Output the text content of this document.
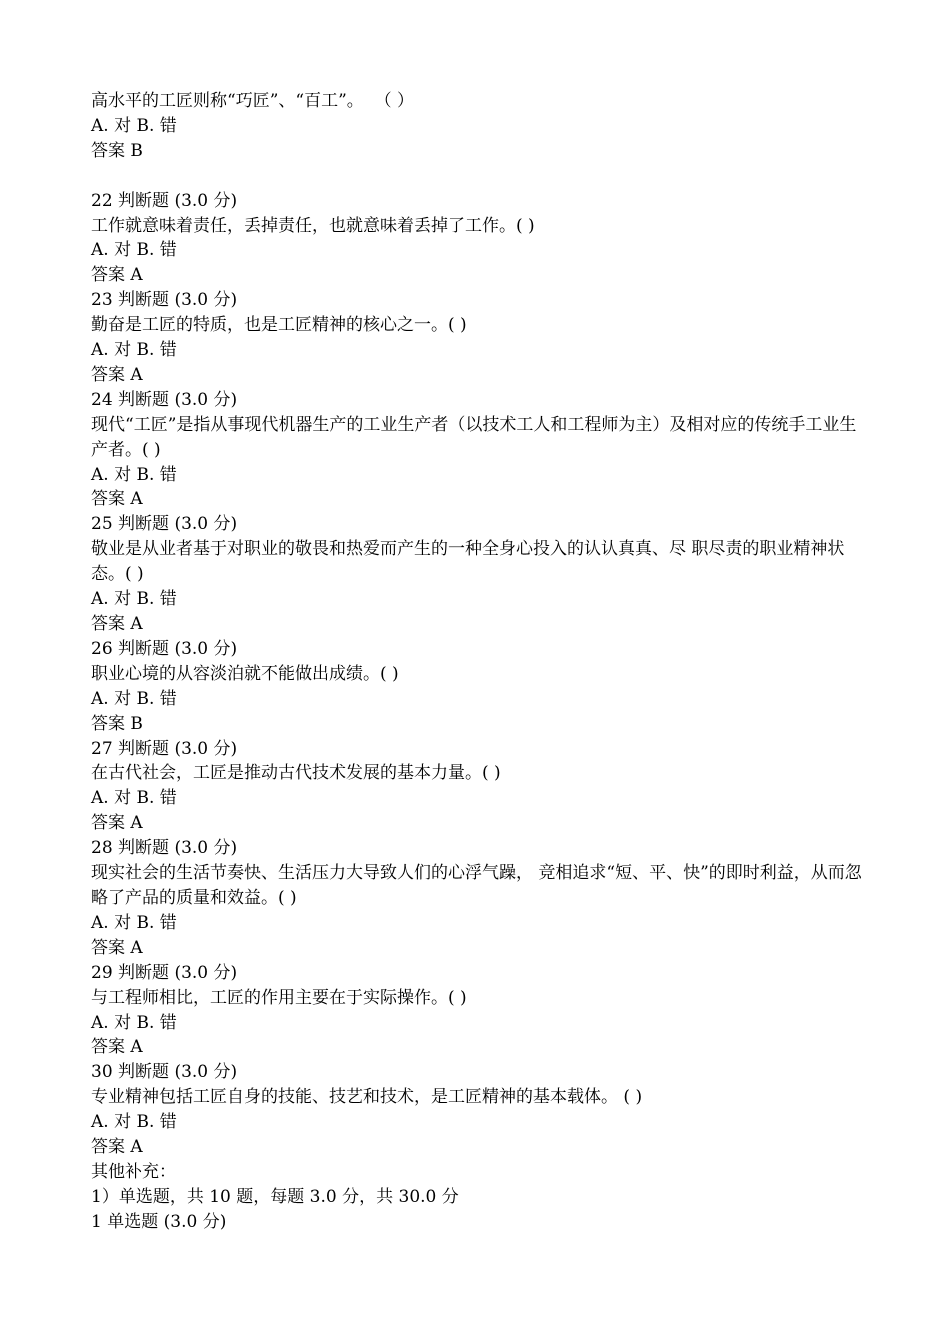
高水平的工匠则称“巧匠”、“百工”。  （ ）

A. 对 B. 错

答案 B

22 判断题 (3.0 分)

工作就意味着责任，丢掉责任，也就意味着丢掉了工作。( )

A. 对 B. 错

答案 A

23 判断题 (3.0 分)

勤奋是工匠的特质，也是工匠精神的核心之一。( )

A. 对 B. 错

答案 A

24 判断题 (3.0 分)

现代“工匠”是指从事现代机器生产的工业生产者（以技术工人和工程师为主）及相对应的传统手工业生产者。( )

A. 对 B. 错

答案 A

25 判断题 (3.0 分)

敬业是从业者基于对职业的敬畏和热爱而产生的一种全身心投入的认认真真、尽 职尽责的职业精神状态。( )

A. 对 B. 错

答案 A

26 判断题 (3.0 分)

职业心境的从容淡泊就不能做出成绩。( )

A. 对 B. 错

答案 B

27 判断题 (3.0 分)

在古代社会，工匠是推动古代技术发展的基本力量。( )

A. 对 B. 错

答案 A

28 判断题 (3.0 分)

现实社会的生活节奏快、生活压力大导致人们的心浮气躁， 竞相追求“短、平、快”的即时利益，从而忽略了产品的质量和效益。( )

A. 对 B. 错

答案 A

29 判断题 (3.0 分)

与工程师相比，工匠的作用主要在于实际操作。( )

A. 对 B. 错

答案 A

30 判断题 (3.0 分)

专业精神包括工匠自身的技能、技艺和技术，是工匠精神的基本载体。 ( )

A. 对 B. 错

答案 A

其他补充：

1）单选题，共 10 题，每题 3.0 分，共 30.0 分

1 单选题 (3.0 分)
